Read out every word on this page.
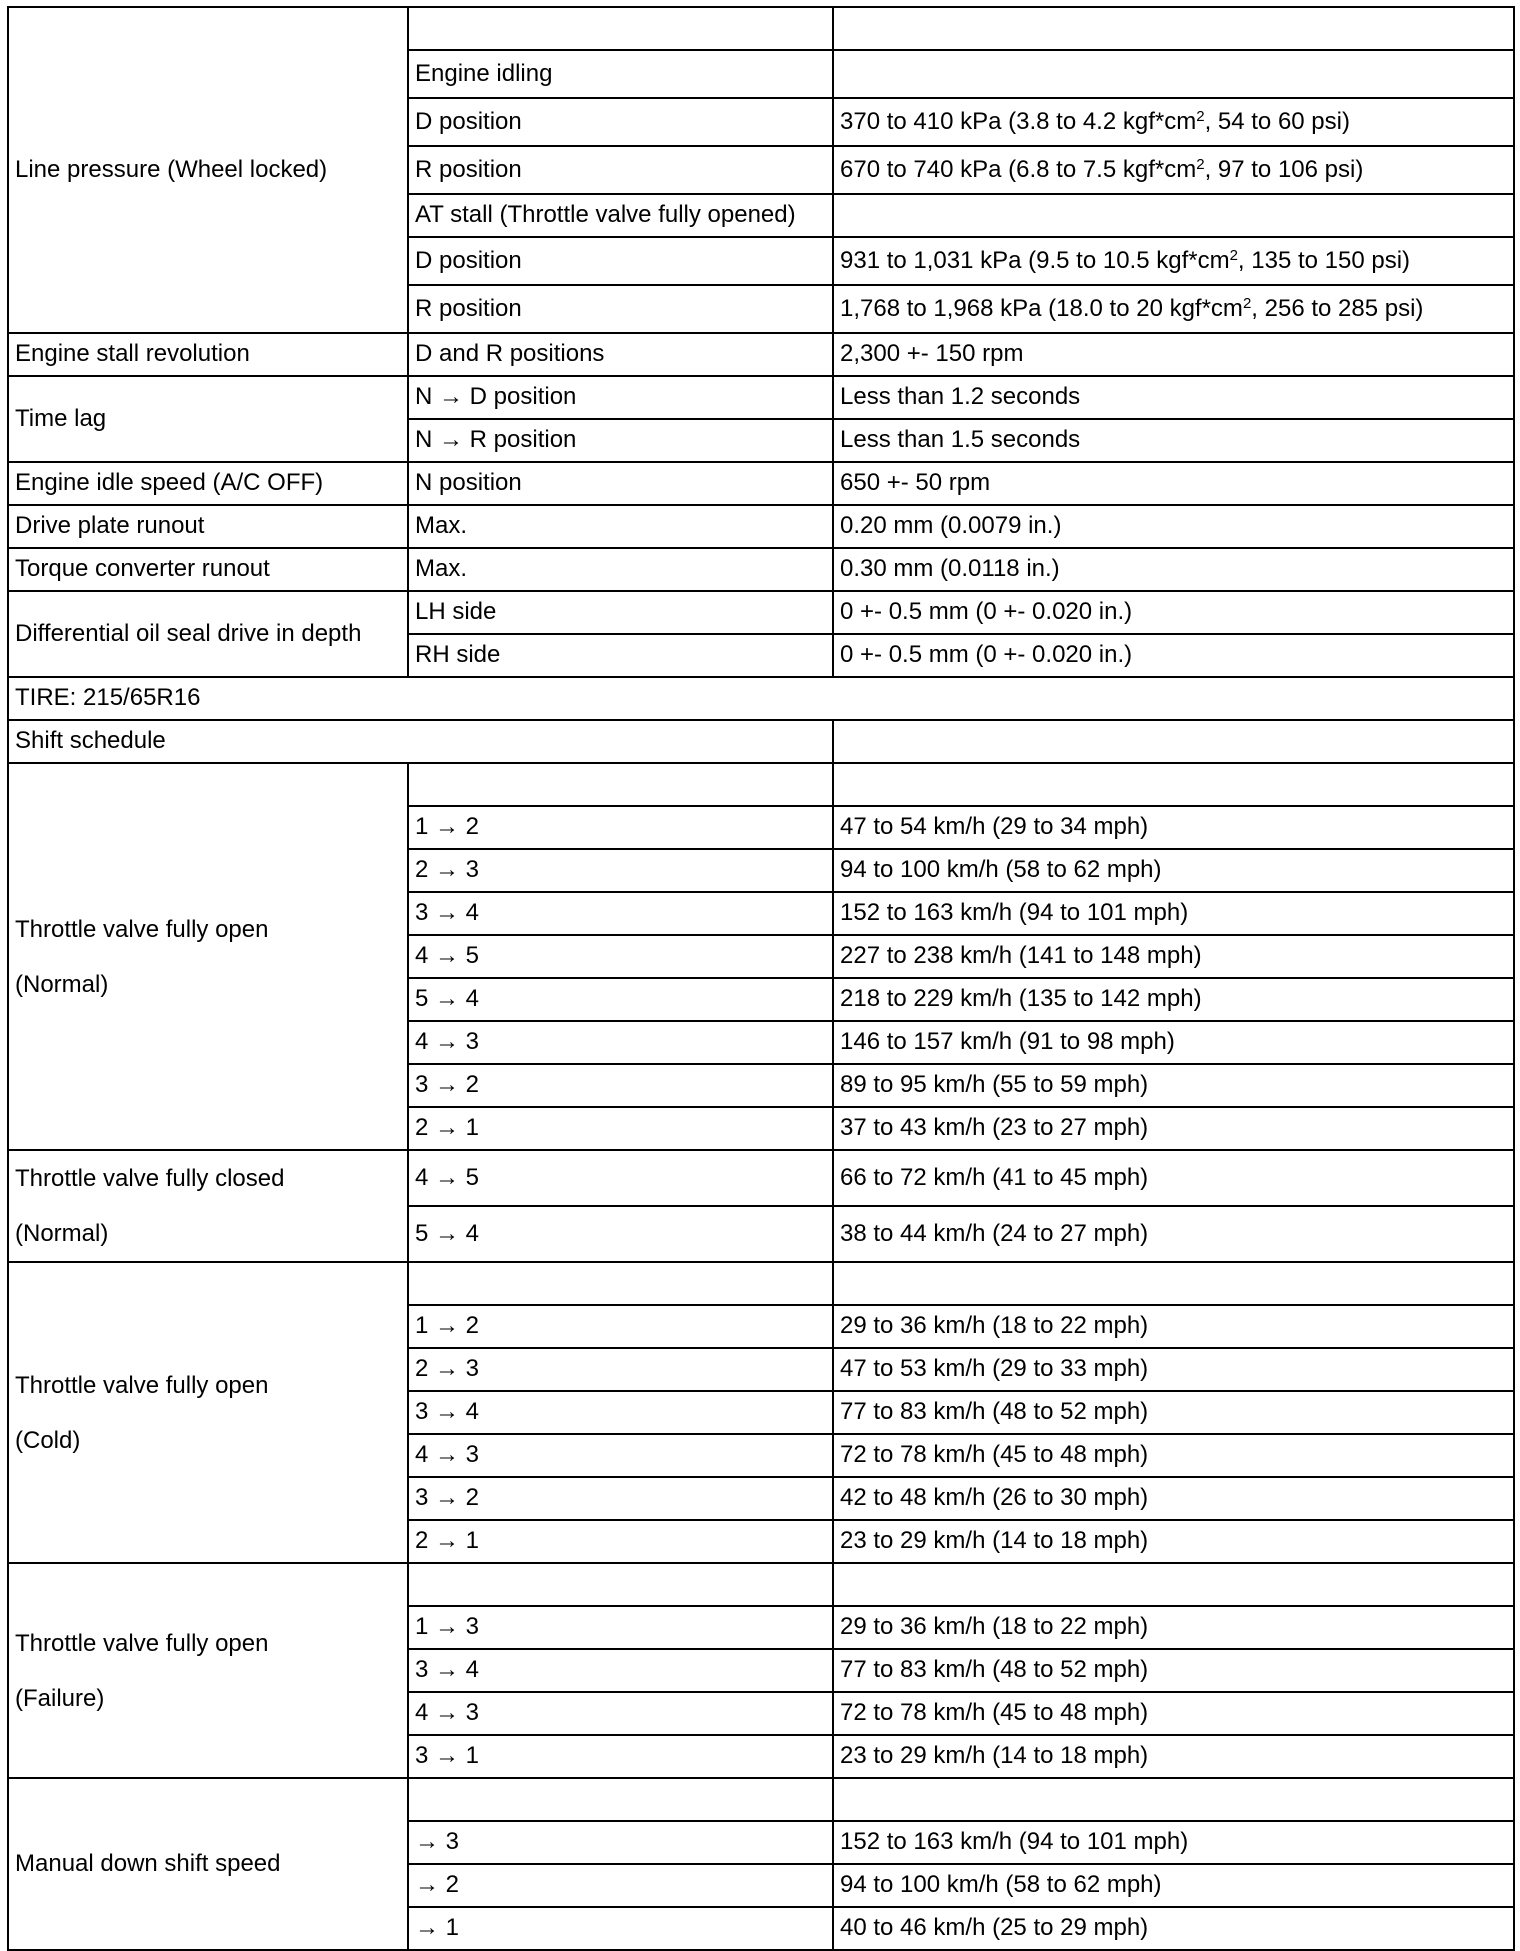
Line pressure (Wheel locked)		
	Engine idling	
	D position	370 to 410 kPa (3.8 to 4.2 $kgf*cm^2$, 54 to 60 psi)
	R position	670 to 740 kPa (6.8 to 7.5 $kgf*cm^2$, 97 to 106 psi)
	AT stall (Throttle valve fully opened)	
	D position	931 to 1,031 kPa (9.5 to 10.5 $kgf*cm^2$, 135 to 150 psi)
	R position	1,768 to 1,968 kPa (18.0 to 20 $kgf*cm^2$, 256 to 285 psi)
Engine stall revolution	D and R positions	2,300 +- 150 rpm
Time lag	N → D position	Less than 1.2 seconds
	N → R position	Less than 1.5 seconds
Engine idle speed (A/C OFF)	N position	650 +- 50 rpm
Drive plate runout	Max.	0.20 mm (0.0079 in.)
Torque converter runout	Max.	0.30 mm (0.0118 in.)
Differential oil seal drive in depth	LH side	0 +- 0.5 mm (0 +- 0.020 in.)
	RH side	0 +- 0.5 mm (0 +- 0.020 in.)
TIRE: 215/65R16		
Shift schedule		

Throttle valve fully open
(Normal)		

	1 → 2	47 to 54 km/h (29 to 34 mph)
	2 → 3	94 to 100 km/h (58 to 62 mph)
	3 → 4	152 to 163 km/h (94 to 101 mph)
	4 → 5	227 to 238 km/h (141 to 148 mph)
	5 → 4	218 to 229 km/h (135 to 142 mph)
	4 → 3	146 to 157 km/h (91 to 98 mph)
	3 → 2	89 to 95 km/h (55 to 59 mph)
	2 → 1	37 to 43 km/h (23 to 27 mph)

Throttle valve fully closed
(Normal)	4 → 5	66 to 72 km/h (41 to 45 mph)
	5 → 4	38 to 44 km/h (24 to 27 mph)

Throttle valve fully open
(Cold)		

	1 → 2	29 to 36 km/h (18 to 22 mph)
	2 → 3	47 to 53 km/h (29 to 33 mph)
	3 → 4	77 to 83 km/h (48 to 52 mph)
	4 → 3	72 to 78 km/h (45 to 48 mph)
	3 → 2	42 to 48 km/h (26 to 30 mph)
	2 → 1	23 to 29 km/h (14 to 18 mph)

Throttle valve fully open
(Failure)		

	1 → 3	29 to 36 km/h (18 to 22 mph)
	3 → 4	77 to 83 km/h (48 to 52 mph)
	4 → 3	72 to 78 km/h (45 to 48 mph)
	3 → 1	23 to 29 km/h (14 to 18 mph)
Manual down shift speed		
	→ 3	152 to 163 km/h (94 to 101 mph)
	→ 2	94 to 100 km/h (58 to 62 mph)
	→ 1	40 to 46 km/h (25 to 29 mph)
